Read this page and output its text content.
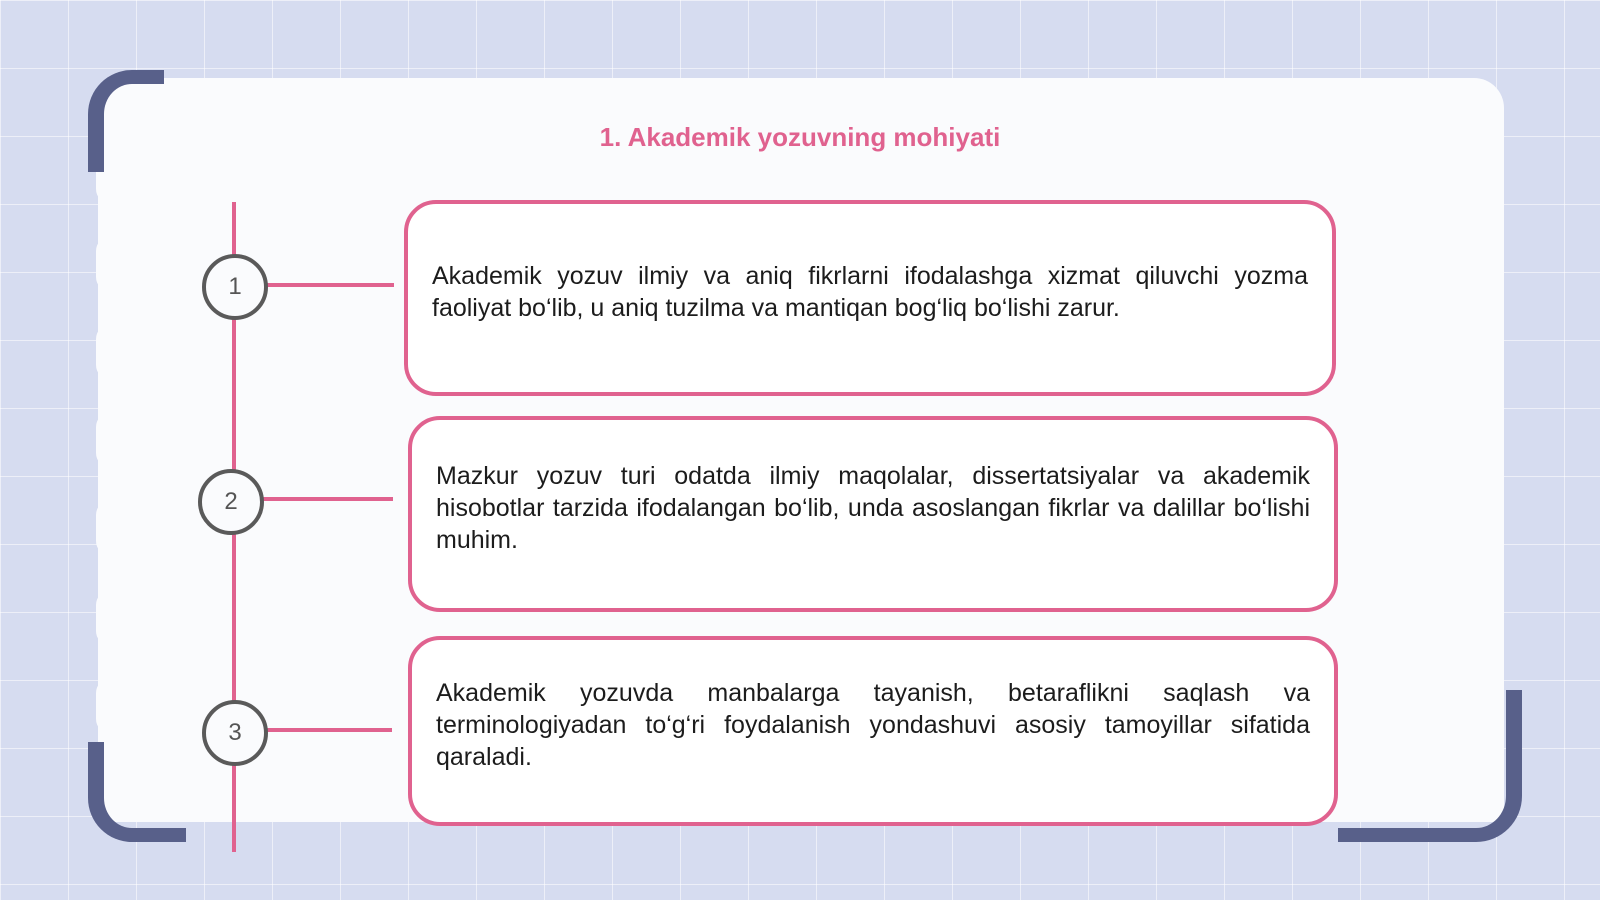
1. Akademik yozuvning mohiyati
1
2
3

Akademik yozuv ilmiy va aniq fikrlarni ifodalashga xizmat qiluvchi yozma faoliyat bo‘lib, u aniq tuzilma va mantiqan bog‘liq bo‘lishi zarur.

Mazkur yozuv turi odatda ilmiy maqolalar, dissertatsiyalar va akademik hisobotlar tarzida ifodalangan bo‘lib, unda asoslangan fikrlar va dalillar bo‘lishi muhim.

Akademik yozuvda manbalarga tayanish, betaraflikni saqlash va terminologiyadan to‘g‘ri foydalanish yondashuvi asosiy tamoyillar sifatida qaraladi.
